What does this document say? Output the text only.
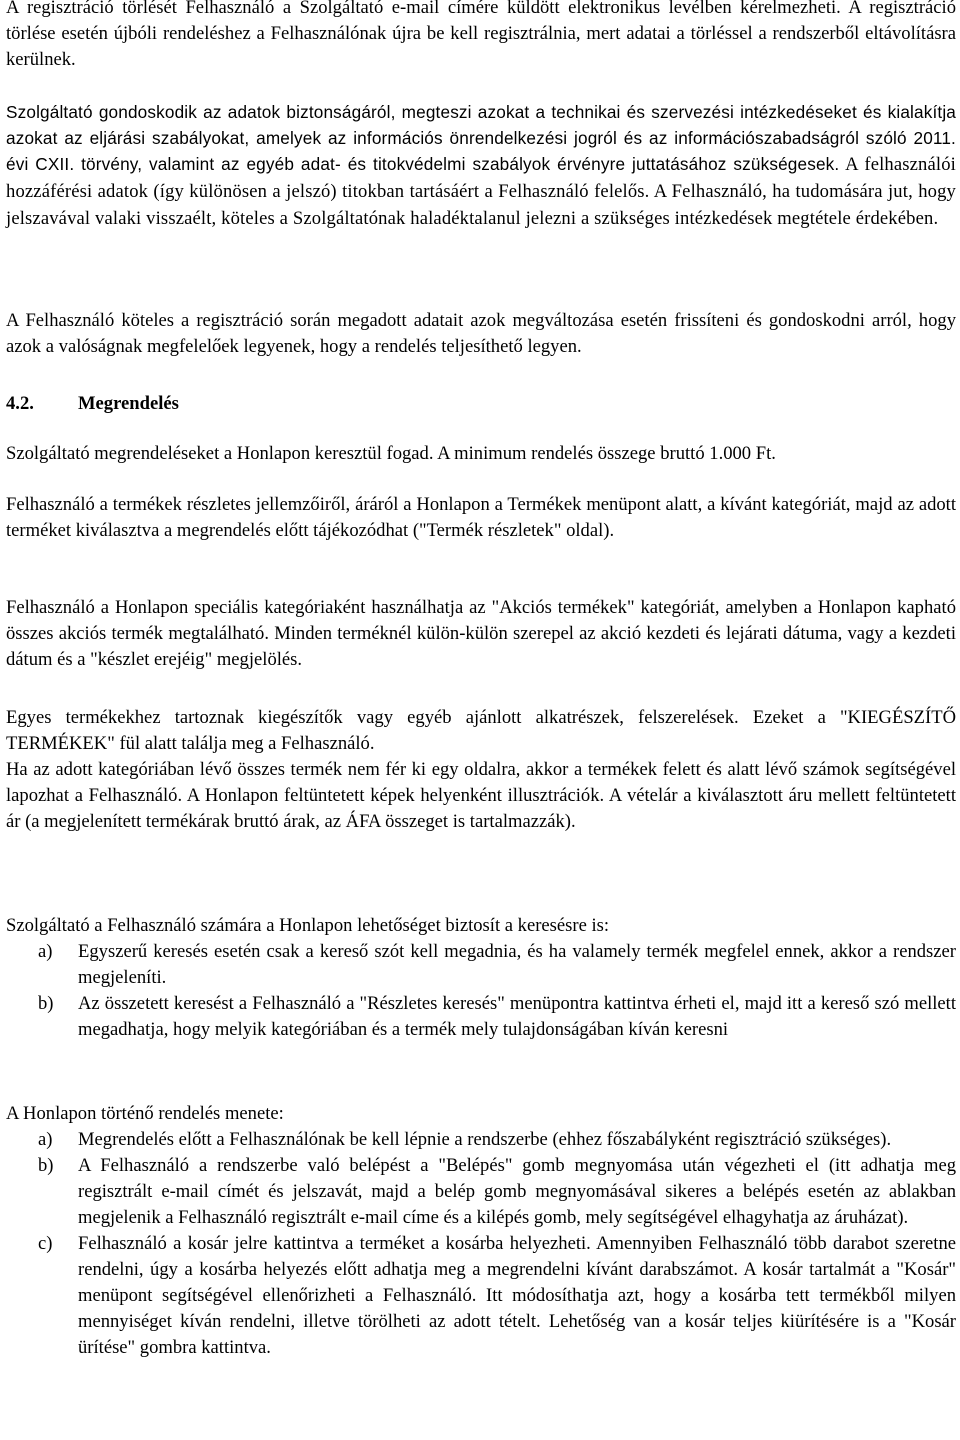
A regisztráció törlését Felhasználó a Szolgáltató e-mail címére küldött elektronikus levélben kérelmezheti. A regisztráció törlése esetén újbóli rendeléshez a Felhasználónak újra be kell regisztrálnia, mert adatai a törléssel a rendszerből eltávolításra kerülnek.

Szolgáltató gondoskodik az adatok biztonságáról, megteszi azokat a technikai és szervezési intézkedéseket és kialakítja azokat az eljárási szabályokat, amelyek az információs önrendelkezési jogról és az információszabadságról szóló 2011. évi CXII. törvény, valamint az egyéb adat- és titokvédelmi szabályok érvényre juttatásához szükségesek. A felhasználói hozzáférési adatok (így különösen a jelszó) titokban tartásáért a Felhasználó felelős. A Felhasználó, ha tudomására jut, hogy jelszavával valaki visszaélt, köteles a Szolgáltatónak haladéktalanul jelezni a szükséges intézkedések megtétele érdekében.

A Felhasználó köteles a regisztráció során megadott adatait azok megváltozása esetén frissíteni és gondoskodni arról, hogy azok a valóságnak megfelelőek legyenek, hogy a rendelés teljesíthető legyen.

4.2. Megrendelés

Szolgáltató megrendeléseket a Honlapon keresztül fogad. A minimum rendelés összege bruttó 1.000 Ft.

Felhasználó a termékek részletes jellemzőiről, áráról a Honlapon a Termékek menüpont alatt, a kívánt kategóriát, majd az adott terméket kiválasztva a megrendelés előtt tájékozódhat ("Termék részletek" oldal).

Felhasználó a Honlapon speciális kategóriaként használhatja az "Akciós termékek" kategóriát, amelyben a Honlapon kapható összes akciós termék megtalálható. Minden terméknél külön-külön szerepel az akció kezdeti és lejárati dátuma, vagy a kezdeti dátum és a "készlet erejéig" megjelölés.

Egyes termékekhez tartoznak kiegészítők vagy egyéb ajánlott alkatrészek, felszerelések. Ezeket a "KIEGÉSZÍTŐ TERMÉKEK" fül alatt találja meg a Felhasználó.

Ha az adott kategóriában lévő összes termék nem fér ki egy oldalra, akkor a termékek felett és alatt lévő számok segítségével lapozhat a Felhasználó. A Honlapon feltüntetett képek helyenként illusztrációk. A vételár a kiválasztott áru mellett feltüntetett ár (a megjelenített termékárak bruttó árak, az ÁFA összeget is tartalmazzák).

Szolgáltató a Felhasználó számára a Honlapon lehetőséget biztosít a keresésre is:

a) Egyszerű keresés esetén csak a kereső szót kell megadnia, és ha valamely termék megfelel ennek, akkor a rendszer megjeleníti.
b) Az összetett keresést a Felhasználó a "Részletes keresés" menüpontra kattintva érheti el, majd itt a kereső szó mellett megadhatja, hogy melyik kategóriában és a termék mely tulajdonságában kíván keresni

A Honlapon történő rendelés menete:

a) Megrendelés előtt a Felhasználónak be kell lépnie a rendszerbe (ehhez főszabályként regisztráció szükséges).
b) A Felhasználó a rendszerbe való belépést a "Belépés" gomb megnyomása után végezheti el (itt adhatja meg regisztrált e-mail címét és jelszavát, majd a belép gomb megnyomásával sikeres a belépés esetén az ablakban megjelenik a Felhasználó regisztrált e-mail címe és a kilépés gomb, mely segítségével elhagyhatja az áruházat).
c) Felhasználó a kosár jelre kattintva a terméket a kosárba helyezheti. Amennyiben Felhasználó több darabot szeretne rendelni, úgy a kosárba helyezés előtt adhatja meg a megrendelni kívánt darabszámot. A kosár tartalmát a "Kosár" menüpont segítségével ellenőrizheti a Felhasználó. Itt módosíthatja azt, hogy a kosárba tett termékből milyen mennyiséget kíván rendelni, illetve törölheti az adott tételt. Lehetőség van a kosár teljes kiürítésére is a "Kosár ürítése" gombra kattintva.
